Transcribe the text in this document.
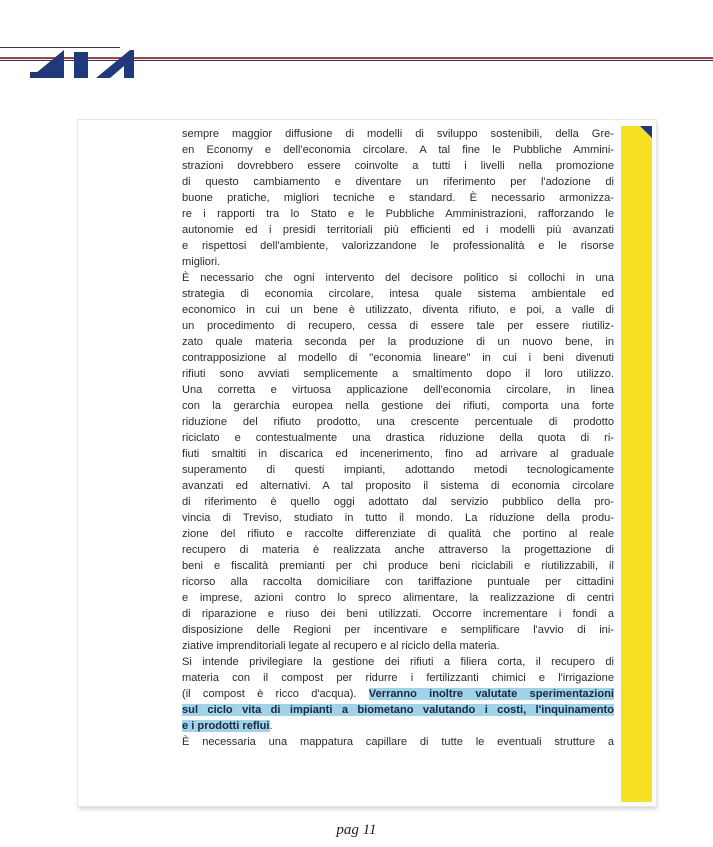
sempre maggior diffusione di modelli di sviluppo sostenibili, della Gre-
en Economy e dell'economia circolare. A tal fine le Pubbliche Ammini-
strazioni dovrebbero essere coinvolte a tutti i livelli nella promozione
di questo cambiamento e diventare un riferimento per l'adozione di
buone pratiche, migliori tecniche e standard. È necessario armonizza-
re i rapporti tra lo Stato e le Pubbliche Amministrazioni, rafforzando le
autonomie ed i presidi territoriali più efficienti ed i modelli più avanzati
e rispettosi dell'ambiente, valorizzandone le professionalità e le risorse
migliori.
È necessario che ogni intervento del decisore politico si collochi in una
strategia di economia circolare, intesa quale sistema ambientale ed
economico in cui un bene è utilizzato, diventa rifiuto, e poi, a valle di
un procedimento di recupero, cessa di essere tale per essere riutiliz-
zato quale materia seconda per la produzione di un nuovo bene, in
contrapposizione al modello di "economia lineare" in cui i beni divenuti
rifiuti sono avviati semplicemente a smaltimento dopo il loro utilizzo.
Una corretta e virtuosa applicazione dell'economia circolare, in linea
con la gerarchia europea nella gestione dei rifiuti, comporta una forte
riduzione del rifiuto prodotto, una crescente percentuale di prodotto
riciclato e contestualmente una drastica riduzione della quota di ri-
fiuti smaltiti in discarica ed incenerimento, fino ad arrivare al graduale
superamento di questi impianti, adottando metodi tecnologicamente
avanzati ed alternativi. A tal proposito il sistema di economia circolare
di riferimento è quello oggi adottato dal servizio pubblico della pro-
vincia di Treviso, studiato in tutto il mondo. La riduzione della produ-
zione del rifiuto e raccolte differenziate di qualità che portino al reale
recupero di materia è realizzata anche attraverso la progettazione di
beni e fiscalità premianti per chi produce beni riciclabili e riutilizzabili, il
ricorso alla raccolta domiciliare con tariffazione puntuale per cittadini
e imprese, azioni contro lo spreco alimentare, la realizzazione di centri
di riparazione e riuso dei beni utilizzati. Occorre incrementare i fondi a
disposizione delle Regioni per incentivare e semplificare l'avvio di ini-
ziative imprenditoriali legate al recupero e al riciclo della materia.
Si intende privilegiare la gestione dei rifiuti a filiera corta, il recupero di
materia con il compost per ridurre i fertilizzanti chimici e l'irrigazione
(il compost è ricco d'acqua). Verranno inoltre valutate sperimentazioni
sul ciclo vita di impianti a biometano valutando i costi, l'inquinamento
e i prodotti reflui.
È necessaria una mappatura capillare di tutte le eventuali strutture a
pag 11
